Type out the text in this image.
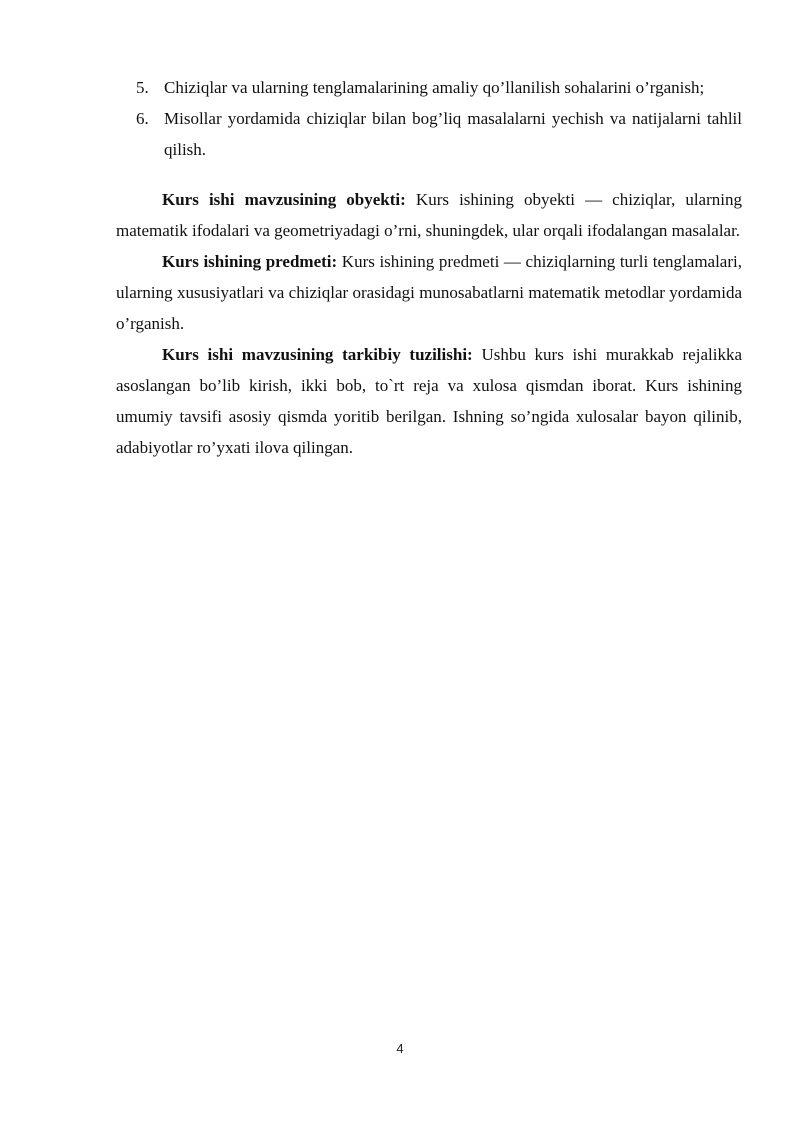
5. Chiziqlar va ularning tenglamalarining amaliy qo’llanilish sohalarini o’rganish;
6. Misollar yordamida chiziqlar bilan bog’liq masalalarni yechish va natijalarni tahlil qilish.

Kurs ishi mavzusining obyekti: Kurs ishining obyekti — chiziqlar, ularning matematik ifodalari va geometriyadagi o’rni, shuningdek, ular orqali ifodalangan masalalar.

Kurs ishining predmeti: Kurs ishining predmeti — chiziqlarning turli tenglamalari, ularning xususiyatlari va chiziqlar orasidagi munosabatlarni matematik metodlar yordamida o’rganish.

Kurs ishi mavzusining tarkibiy tuzilishi: Ushbu kurs ishi murakkab rejalikka asoslangan bo’lib kirish, ikki bob, to`rt reja va xulosa qismdan iborat. Kurs ishining umumiy tavsifi asosiy qismda yoritib berilgan. Ishning so’ngida xulosalar bayon qilinib, adabiyotlar ro’yxati ilova qilingan.

4
